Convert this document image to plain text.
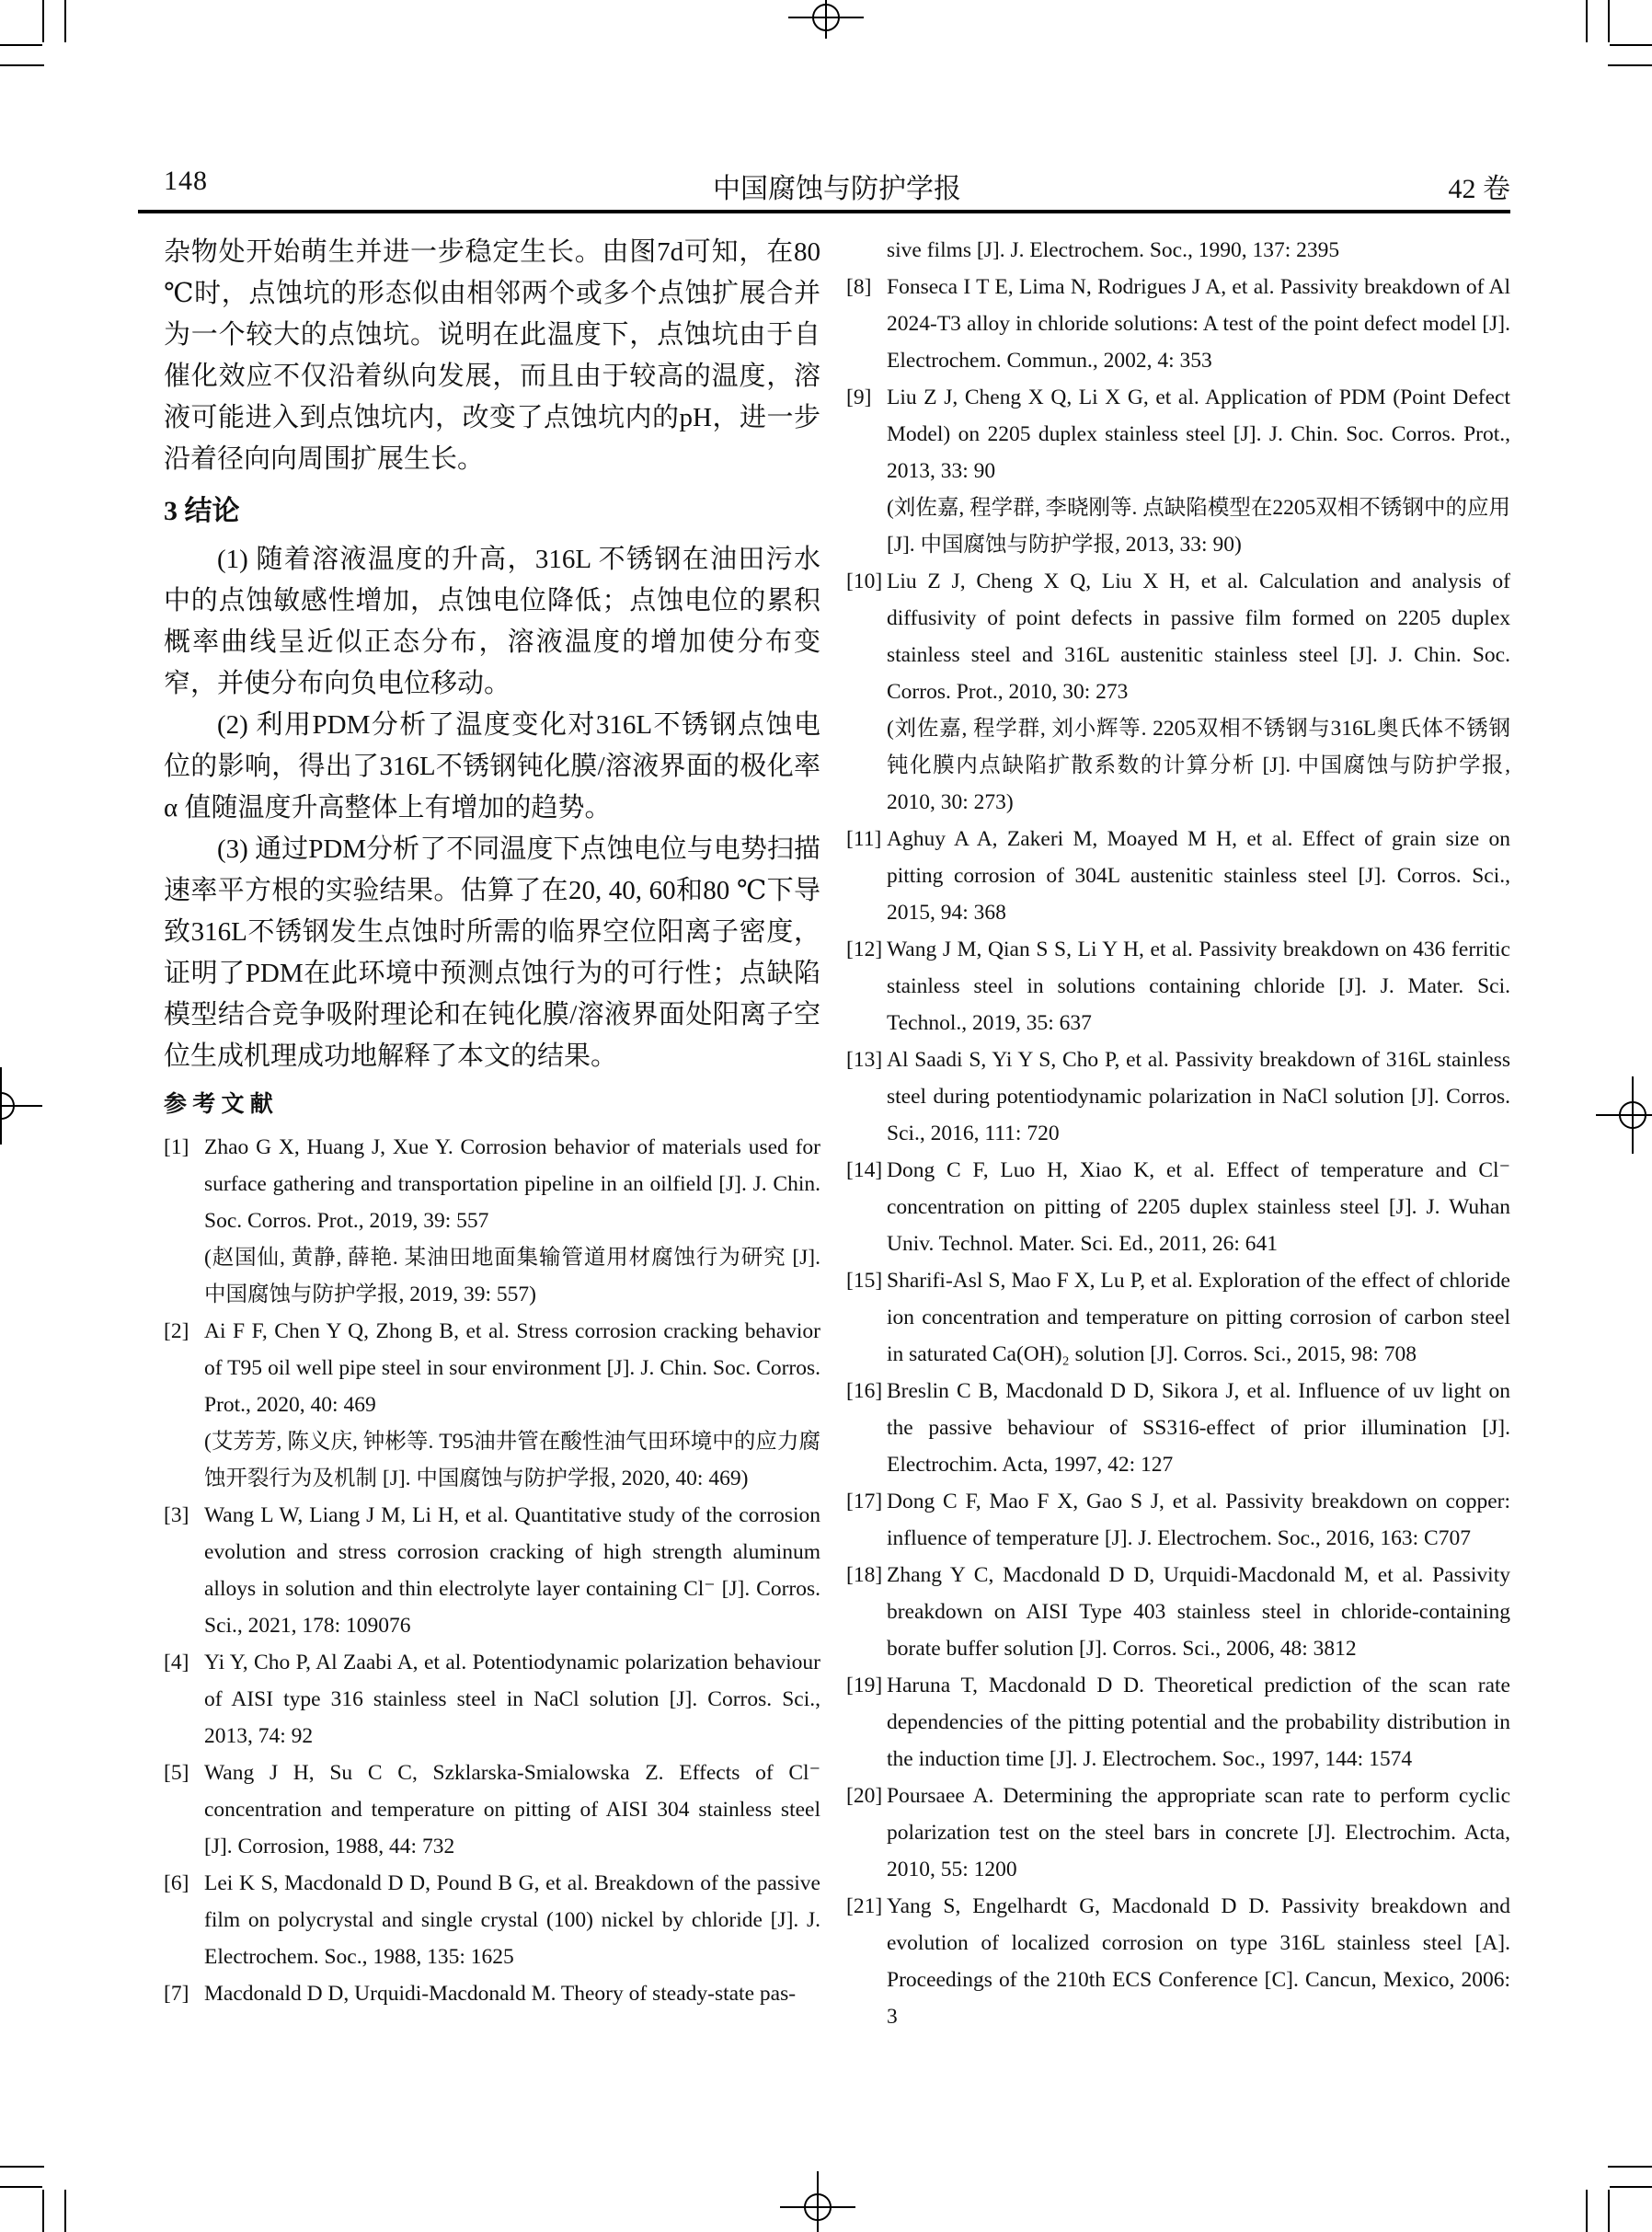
148	中国腐蚀与防护学报	42 卷

杂物处开始萌生并进一步稳定生长。由图7d可知，在80 ℃时，点蚀坑的形态似由相邻两个或多个点蚀扩展合并为一个较大的点蚀坑。说明在此温度下，点蚀坑由于自催化效应不仅沿着纵向发展，而且由于较高的温度，溶液可能进入到点蚀坑内，改变了点蚀坑内的pH，进一步沿着径向向周围扩展生长。

3 结论

(1) 随着溶液温度的升高，316L 不锈钢在油田污水中的点蚀敏感性增加，点蚀电位降低；点蚀电位的累积概率曲线呈近似正态分布，溶液温度的增加使分布变窄，并使分布向负电位移动。

(2) 利用PDM分析了温度变化对316L不锈钢点蚀电位的影响，得出了316L不锈钢钝化膜/溶液界面的极化率 α 值随温度升高整体上有增加的趋势。

(3) 通过PDM分析了不同温度下点蚀电位与电势扫描速率平方根的实验结果。估算了在20, 40, 60和80 ℃下导致316L不锈钢发生点蚀时所需的临界空位阳离子密度，证明了PDM在此环境中预测点蚀行为的可行性；点缺陷模型结合竞争吸附理论和在钝化膜/溶液界面处阳离子空位生成机理成功地解释了本文的结果。

参 考 文 献
[1] Zhao G X, Huang J, Xue Y. Corrosion behavior of materials used for surface gathering and transportation pipeline in an oilfield [J]. J. Chin. Soc. Corros. Prot., 2019, 39: 557
(赵国仙, 黄静, 薛艳. 某油田地面集输管道用材腐蚀行为研究 [J]. 中国腐蚀与防护学报, 2019, 39: 557)
[2] Ai F F, Chen Y Q, Zhong B, et al. Stress corrosion cracking behavior of T95 oil well pipe steel in sour environment [J]. J. Chin. Soc. Corros. Prot., 2020, 40: 469
(艾芳芳, 陈义庆, 钟彬等. T95油井管在酸性油气田环境中的应力腐蚀开裂行为及机制 [J]. 中国腐蚀与防护学报, 2020, 40: 469)
[3] Wang L W, Liang J M, Li H, et al. Quantitative study of the corrosion evolution and stress corrosion cracking of high strength aluminum alloys in solution and thin electrolyte layer containing Cl⁻ [J]. Corros. Sci., 2021, 178: 109076
[4] Yi Y, Cho P, Al Zaabi A, et al. Potentiodynamic polarization behaviour of AISI type 316 stainless steel in NaCl solution [J]. Corros. Sci., 2013, 74: 92
[5] Wang J H, Su C C, Szklarska-Smialowska Z. Effects of Cl⁻ concentration and temperature on pitting of AISI 304 stainless steel [J]. Corrosion, 1988, 44: 732
[6] Lei K S, Macdonald D D, Pound B G, et al. Breakdown of the passive film on polycrystal and single crystal (100) nickel by chloride [J]. J. Electrochem. Soc., 1988, 135: 1625
[7] Macdonald D D, Urquidi-Macdonald M. Theory of steady-state pas-
sive films [J]. J. Electrochem. Soc., 1990, 137: 2395
[8] Fonseca I T E, Lima N, Rodrigues J A, et al. Passivity breakdown of Al 2024-T3 alloy in chloride solutions: A test of the point defect model [J]. Electrochem. Commun., 2002, 4: 353
[9] Liu Z J, Cheng X Q, Li X G, et al. Application of PDM (Point Defect Model) on 2205 duplex stainless steel [J]. J. Chin. Soc. Corros. Prot., 2013, 33: 90
(刘佐嘉, 程学群, 李晓刚等. 点缺陷模型在2205双相不锈钢中的应用 [J]. 中国腐蚀与防护学报, 2013, 33: 90)
[10] Liu Z J, Cheng X Q, Liu X H, et al. Calculation and analysis of diffusivity of point defects in passive film formed on 2205 duplex stainless steel and 316L austenitic stainless steel [J]. J. Chin. Soc. Corros. Prot., 2010, 30: 273
(刘佐嘉, 程学群, 刘小辉等. 2205双相不锈钢与316L奥氏体不锈钢钝化膜内点缺陷扩散系数的计算分析 [J]. 中国腐蚀与防护学报, 2010, 30: 273)
[11] Aghuy A A, Zakeri M, Moayed M H, et al. Effect of grain size on pitting corrosion of 304L austenitic stainless steel [J]. Corros. Sci., 2015, 94: 368
[12] Wang J M, Qian S S, Li Y H, et al. Passivity breakdown on 436 ferritic stainless steel in solutions containing chloride [J]. J. Mater. Sci. Technol., 2019, 35: 637
[13] Al Saadi S, Yi Y S, Cho P, et al. Passivity breakdown of 316L stainless steel during potentiodynamic polarization in NaCl solution [J]. Corros. Sci., 2016, 111: 720
[14] Dong C F, Luo H, Xiao K, et al. Effect of temperature and Cl⁻ concentration on pitting of 2205 duplex stainless steel [J]. J. Wuhan Univ. Technol. Mater. Sci. Ed., 2011, 26: 641
[15] Sharifi-Asl S, Mao F X, Lu P, et al. Exploration of the effect of chloride ion concentration and temperature on pitting corrosion of carbon steel in saturated Ca(OH)₂ solution [J]. Corros. Sci., 2015, 98: 708
[16] Breslin C B, Macdonald D D, Sikora J, et al. Influence of uv light on the passive behaviour of SS316-effect of prior illumination [J]. Electrochim. Acta, 1997, 42: 127
[17] Dong C F, Mao F X, Gao S J, et al. Passivity breakdown on copper: influence of temperature [J]. J. Electrochem. Soc., 2016, 163: C707
[18] Zhang Y C, Macdonald D D, Urquidi-Macdonald M, et al. Passivity breakdown on AISI Type 403 stainless steel in chloride-containing borate buffer solution [J]. Corros. Sci., 2006, 48: 3812
[19] Haruna T, Macdonald D D. Theoretical prediction of the scan rate dependencies of the pitting potential and the probability distribution in the induction time [J]. J. Electrochem. Soc., 1997, 144: 1574
[20] Poursaee A. Determining the appropriate scan rate to perform cyclic polarization test on the steel bars in concrete [J]. Electrochim. Acta, 2010, 55: 1200
[21] Yang S, Engelhardt G, Macdonald D D. Passivity breakdown and evolution of localized corrosion on type 316L stainless steel [A]. Proceedings of the 210th ECS Conference [C]. Cancun, Mexico, 2006: 3
